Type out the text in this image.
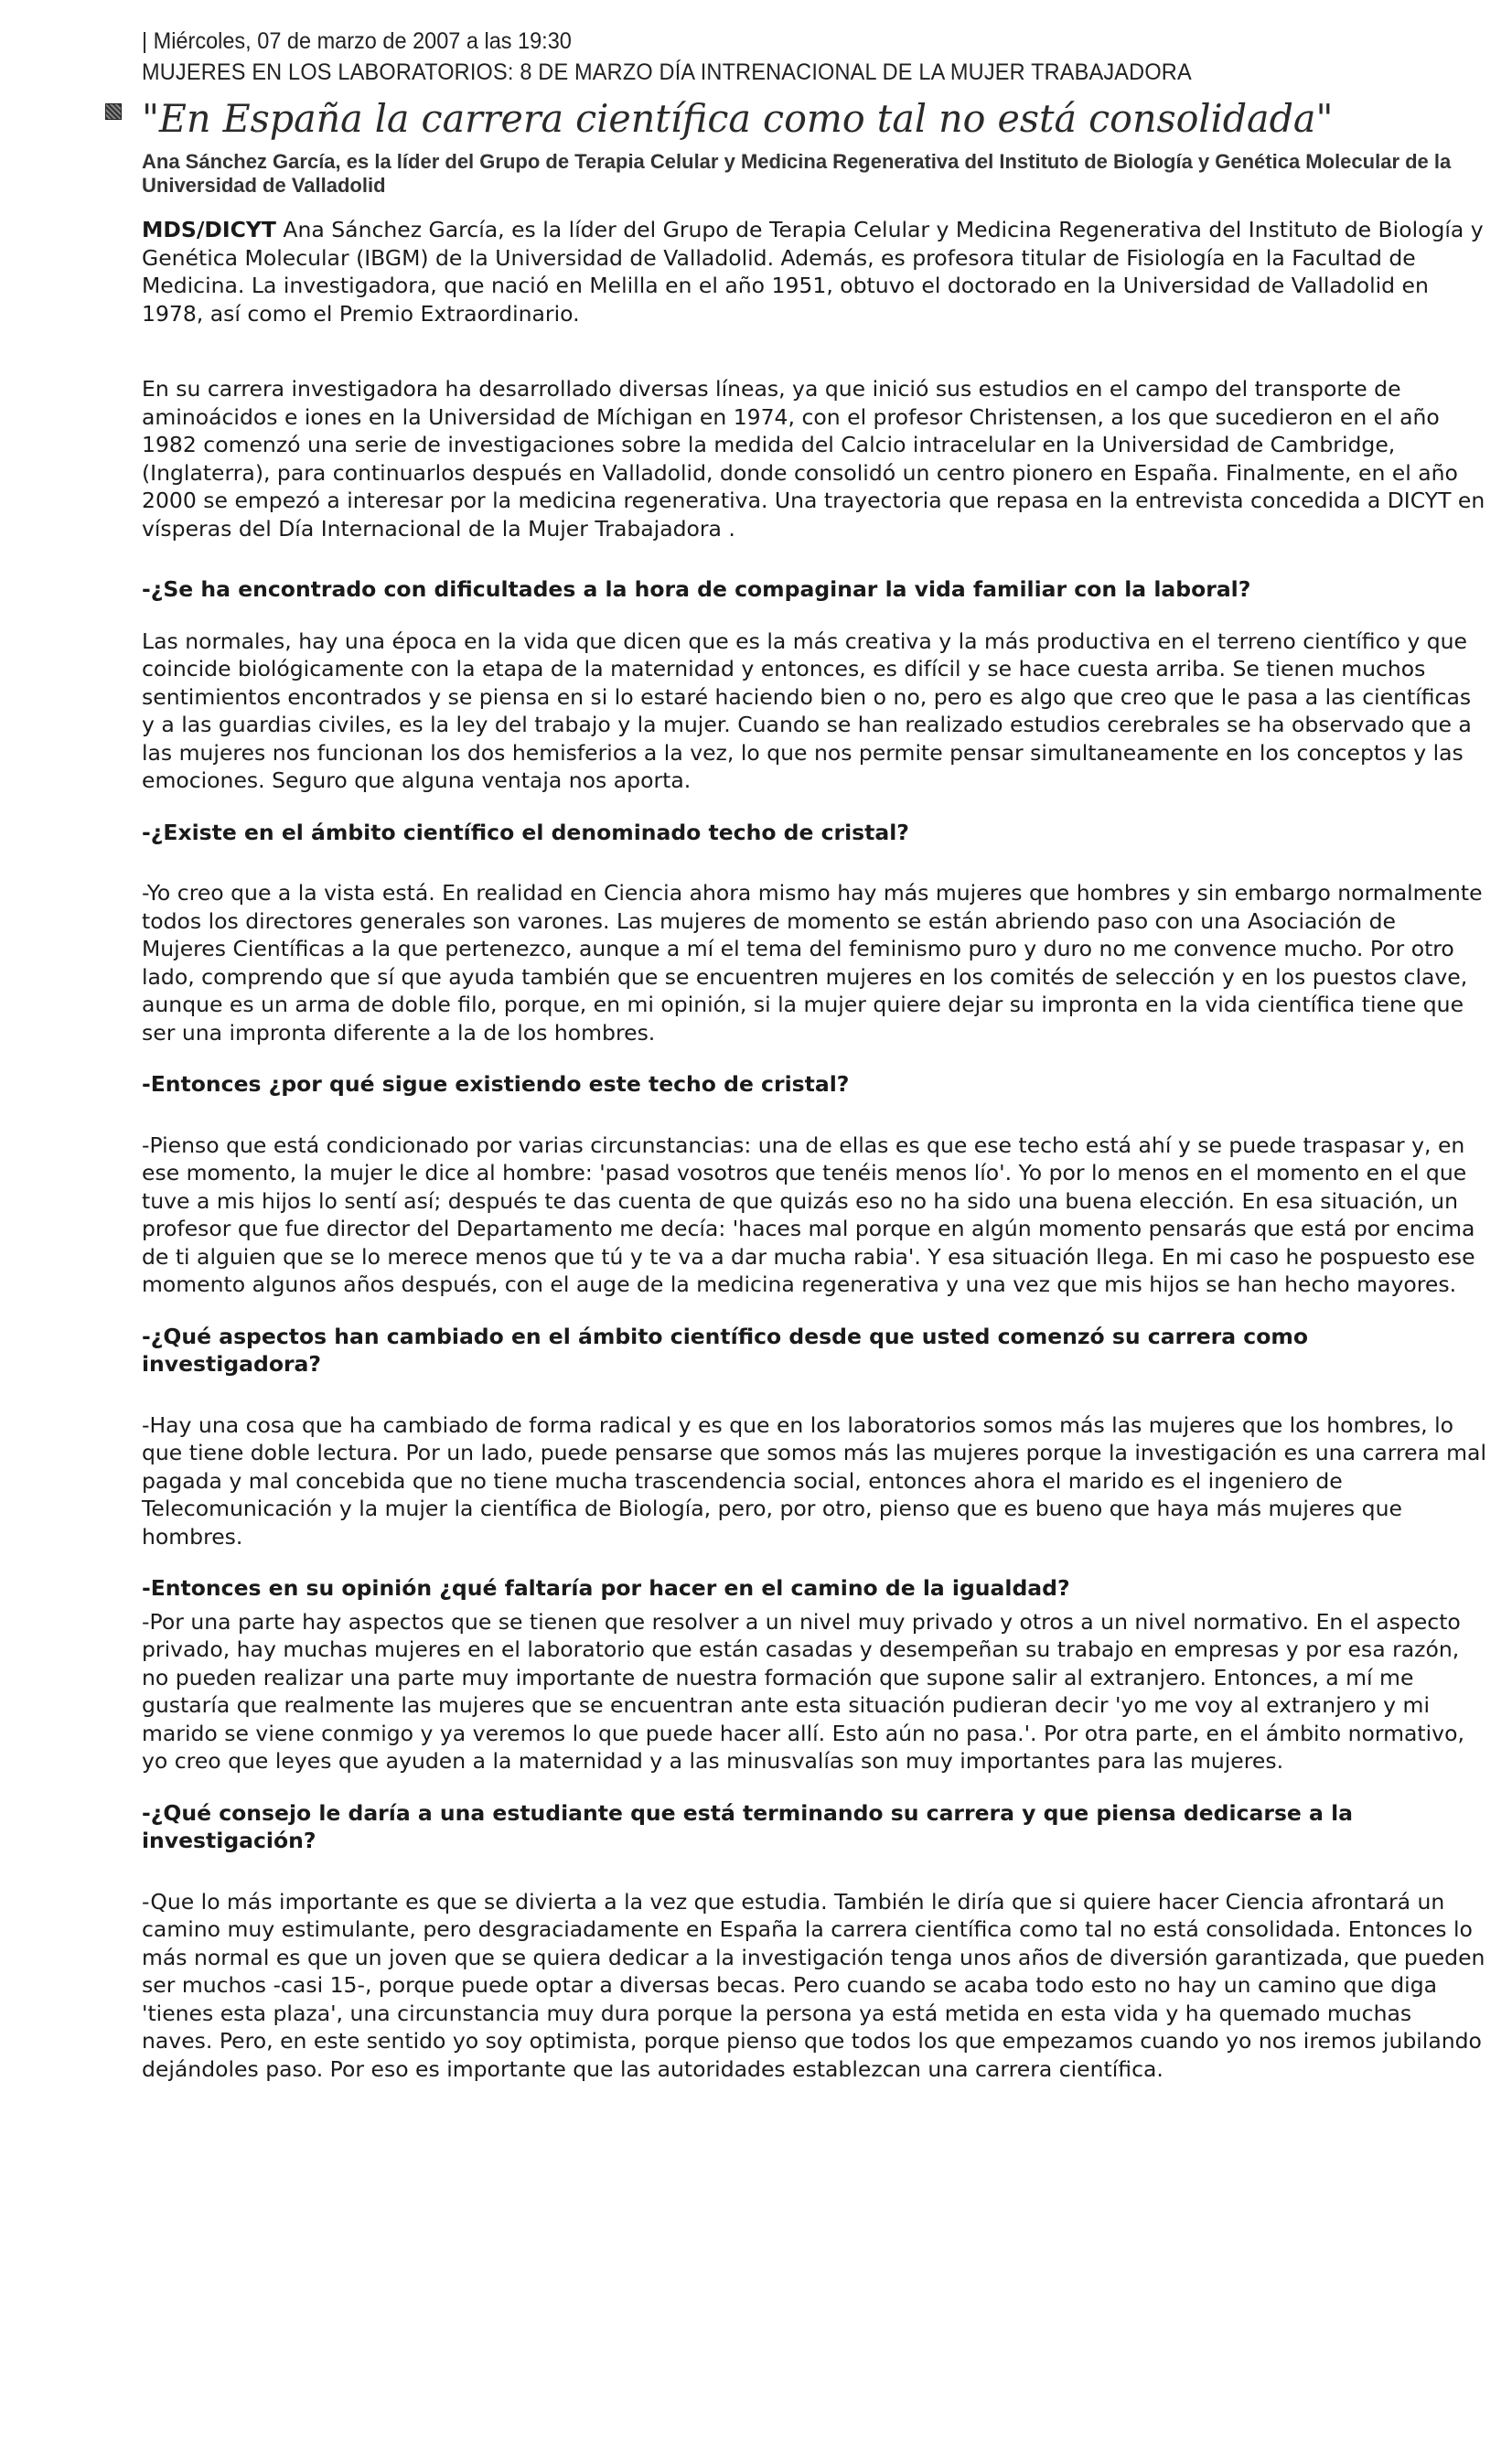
| Miércoles, 07 de marzo de 2007 a las 19:30
MUJERES EN LOS LABORATORIOS: 8 DE MARZO DÍA INTRENACIONAL DE LA MUJER TRABAJADORA
"En España la carrera científica como tal no está consolidada"
Ana Sánchez García, es la líder del Grupo de Terapia Celular y Medicina Regenerativa del Instituto de Biología y Genética Molecular de la Universidad de Valladolid

MDS/DICYT Ana Sánchez García, es la líder del Grupo de Terapia Celular y Medicina Regenerativa del Instituto de Biología y Genética Molecular (IBGM) de la Universidad de Valladolid. Además, es profesora titular de Fisiología en la Facultad de Medicina. La investigadora, que nació en Melilla en el año 1951, obtuvo el doctorado en la Universidad de Valladolid en 1978, así como el Premio Extraordinario.

En su carrera investigadora ha desarrollado diversas líneas, ya que inició sus estudios en el campo del transporte de aminoácidos e iones en la Universidad de Míchigan en 1974, con el profesor Christensen, a los que sucedieron en el año 1982 comenzó una serie de investigaciones sobre la medida del Calcio intracelular en la Universidad de Cambridge, (Inglaterra), para continuarlos después en Valladolid, donde consolidó un centro pionero en España. Finalmente, en el año 2000 se empezó a interesar por la medicina regenerativa. Una trayectoria que repasa en la entrevista concedida a DICYT en vísperas del Día Internacional de la Mujer Trabajadora .

-¿Se ha encontrado con dificultades a la hora de compaginar la vida familiar con la laboral?

Las normales, hay una época en la vida que dicen que es la más creativa y la más productiva en el terreno científico y que coincide biológicamente con la etapa de la maternidad y entonces, es difícil y se hace cuesta arriba. Se tienen muchos sentimientos encontrados y se piensa en si lo estaré haciendo bien o no, pero es algo que creo que le pasa a las científicas y a las guardias civiles, es la ley del trabajo y la mujer. Cuando se han realizado estudios cerebrales se ha observado que a las mujeres nos funcionan los dos hemisferios a la vez, lo que nos permite pensar simultaneamente en los conceptos y las emociones. Seguro que alguna ventaja nos aporta.

-¿Existe en el ámbito científico el denominado techo de cristal?

-Yo creo que a la vista está. En realidad en Ciencia ahora mismo hay más mujeres que hombres y sin embargo normalmente todos los directores generales son varones. Las mujeres de momento se están abriendo paso con una Asociación de Mujeres Científicas a la que pertenezco, aunque a mí el tema del feminismo puro y duro no me convence mucho. Por otro lado, comprendo que sí que ayuda también que se encuentren mujeres en los comités de selección y en los puestos clave, aunque es un arma de doble filo, porque, en mi opinión, si la mujer quiere dejar su impronta en la vida científica tiene que ser una impronta diferente a la de los hombres.

-Entonces ¿por qué sigue existiendo este techo de cristal?

-Pienso que está condicionado por varias circunstancias: una de ellas es que ese techo está ahí y se puede traspasar y, en ese momento, la mujer le dice al hombre: 'pasad vosotros que tenéis menos lío'. Yo por lo menos en el momento en el que tuve a mis hijos lo sentí así; después te das cuenta de que quizás eso no ha sido una buena elección. En esa situación, un profesor que fue director del Departamento me decía: 'haces mal porque en algún momento pensarás que está por encima de ti alguien que se lo merece menos que tú y te va a dar mucha rabia'. Y esa situación llega. En mi caso he pospuesto ese momento algunos años después, con el auge de la medicina regenerativa y una vez que mis hijos se han hecho mayores.

-¿Qué aspectos han cambiado en el ámbito científico desde que usted comenzó su carrera como investigadora?

-Hay una cosa que ha cambiado de forma radical y es que en los laboratorios somos más las mujeres que los hombres, lo que tiene doble lectura. Por un lado, puede pensarse que somos más las mujeres porque la investigación es una carrera mal pagada y mal concebida que no tiene mucha trascendencia social, entonces ahora el marido es el ingeniero de Telecomunicación y la mujer la científica de Biología, pero, por otro, pienso que es bueno que haya más mujeres que hombres.

-Entonces en su opinión ¿qué faltaría por hacer en el camino de la igualdad?

-Por una parte hay aspectos que se tienen que resolver a un nivel muy privado y otros a un nivel normativo. En el aspecto privado, hay muchas mujeres en el laboratorio que están casadas y desempeñan su trabajo en empresas y por esa razón, no pueden realizar una parte muy importante de nuestra formación que supone salir al extranjero. Entonces, a mí me gustaría que realmente las mujeres que se encuentran ante esta situación pudieran decir 'yo me voy al extranjero y mi marido se viene conmigo y ya veremos lo que puede hacer allí. Esto aún no pasa.'. Por otra parte, en el ámbito normativo, yo creo que leyes que ayuden a la maternidad y a las minusvalías son muy importantes para las mujeres.

-¿Qué consejo le daría a una estudiante que está terminando su carrera y que piensa dedicarse a la investigación?

-Que lo más importante es que se divierta a la vez que estudia. También le diría que si quiere hacer Ciencia afrontará un camino muy estimulante, pero desgraciadamente en España la carrera científica como tal no está consolidada. Entonces lo más normal es que un joven que se quiera dedicar a la investigación tenga unos años de diversión garantizada, que pueden ser muchos -casi 15-, porque puede optar a diversas becas. Pero cuando se acaba todo esto no hay un camino que diga 'tienes esta plaza', una circunstancia muy dura porque la persona ya está metida en esta vida y ha quemado muchas naves. Pero, en este sentido yo soy optimista, porque pienso que todos los que empezamos cuando yo nos iremos jubilando dejándoles paso. Por eso es importante que las autoridades establezcan una carrera científica.
